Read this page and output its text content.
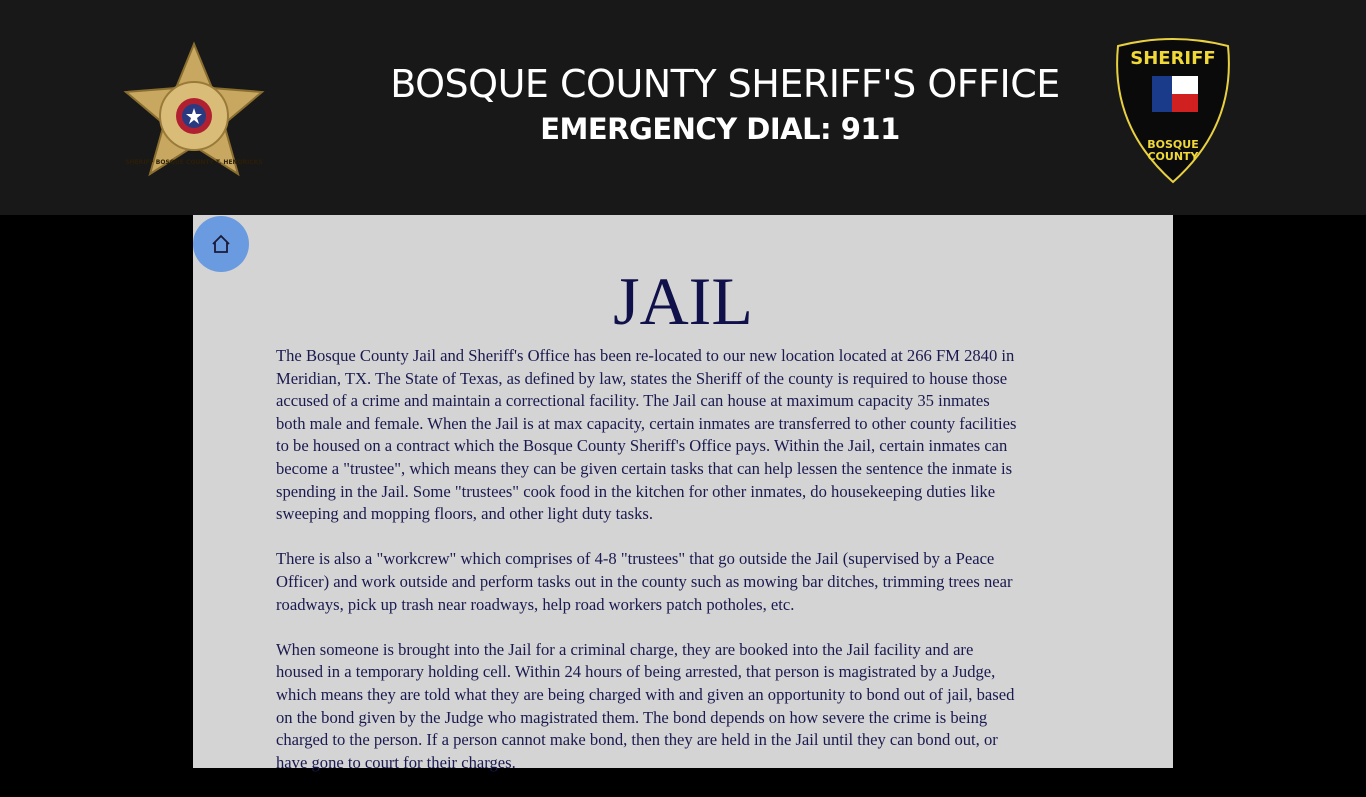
SHERIFF BOSQUE COUNTY T. HENDRICKS
BOSQUE COUNTY SHERIFF'S OFFICE
EMERGENCY DIAL: 911
SHERIFF
BOSQUE
COUNTY
JAIL
The Bosque County Jail and Sheriff's Office has been re-located to our new location located at 266 FM 2840 in
Meridian, TX. The State of Texas, as defined by law, states the Sheriff of the county is required to house those
accused of a crime and maintain a correctional facility. The Jail can house at maximum capacity 35 inmates
both male and female. When the Jail is at max capacity, certain inmates are transferred to other county facilities
to be housed on a contract which the Bosque County Sheriff's Office pays. Within the Jail, certain inmates can
become a "trustee", which means they can be given certain tasks that can help lessen the sentence the inmate is
spending in the Jail. Some "trustees" cook food in the kitchen for other inmates, do housekeeping duties like
sweeping and mopping floors, and other light duty tasks.
There is also a "workcrew" which comprises of 4-8 "trustees" that go outside the Jail (supervised by a Peace
Officer) and work outside and perform tasks out in the county such as mowing bar ditches, trimming trees near
roadways, pick up trash near roadways, help road workers patch potholes, etc.
When someone is brought into the Jail for a criminal charge, they are booked into the Jail facility and are
housed in a temporary holding cell. Within 24 hours of being arrested, that person is magistrated by a Judge,
which means they are told what they are being charged with and given an opportunity to bond out of jail, based
on the bond given by the Judge who magistrated them. The bond depends on how severe the crime is being
charged to the person. If a person cannot make bond, then they are held in the Jail until they can bond out, or
have gone to court for their charges.
